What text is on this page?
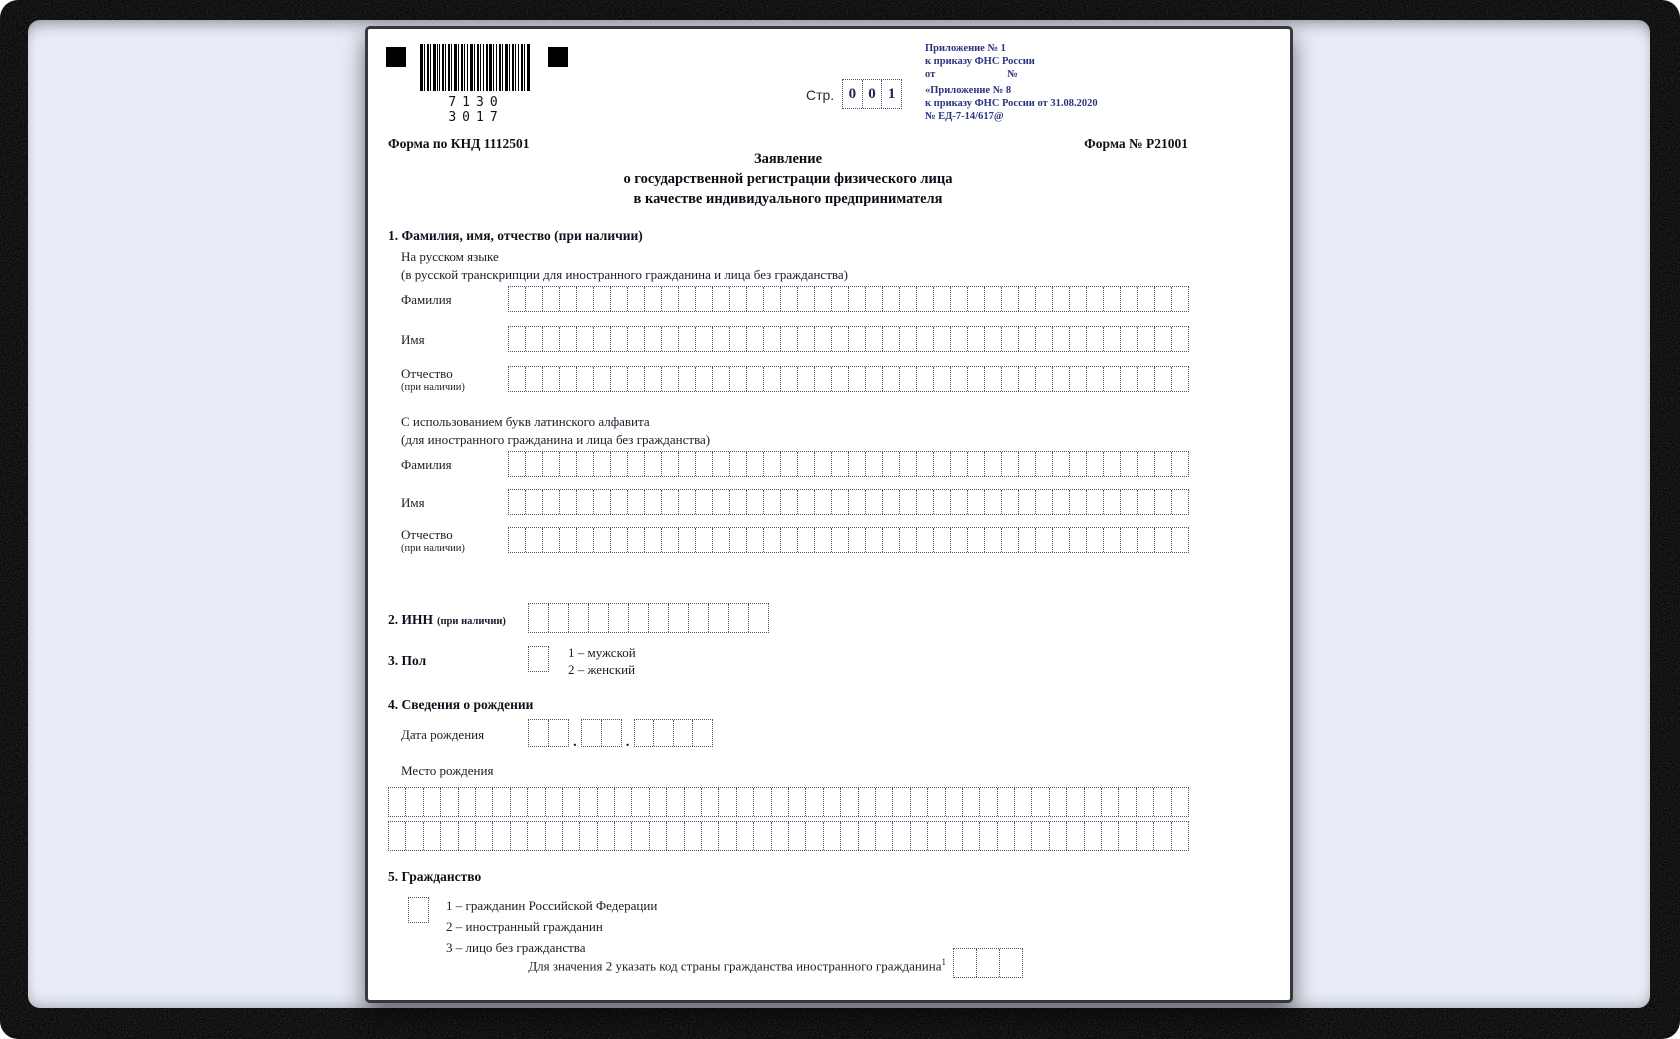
7130 3017
Стр. 0 0 1
Приложение № 1
к приказу ФНС России
от	№
«Приложение № 8
к приказу ФНС России от 31.08.2020
№ ЕД-7-14/617@
Форма по КНД 1112501	Форма № Р21001
Заявление
о государственной регистрации физического лица
в качестве индивидуального предпринимателя
1. Фамилия, имя, отчество (при наличии)
На русском языке
(в русской транскрипции для иностранного гражданина и лица без гражданства)
Фамилия
Имя
Отчество
(при наличии)
С использованием букв латинского алфавита
(для иностранного гражданина и лица без гражданства)
Фамилия
Имя
Отчество
(при наличии)
2. ИНН (при наличии)
3. Пол
1 – мужской
2 – женский
4. Сведения о рождении
Дата рождения	.	.
Место рождения
5. Гражданство
1 – гражданин Российской Федерации
2 – иностранный гражданин
3 – лицо без гражданства
Для значения 2 указать код страны гражданства иностранного гражданина$^1$
